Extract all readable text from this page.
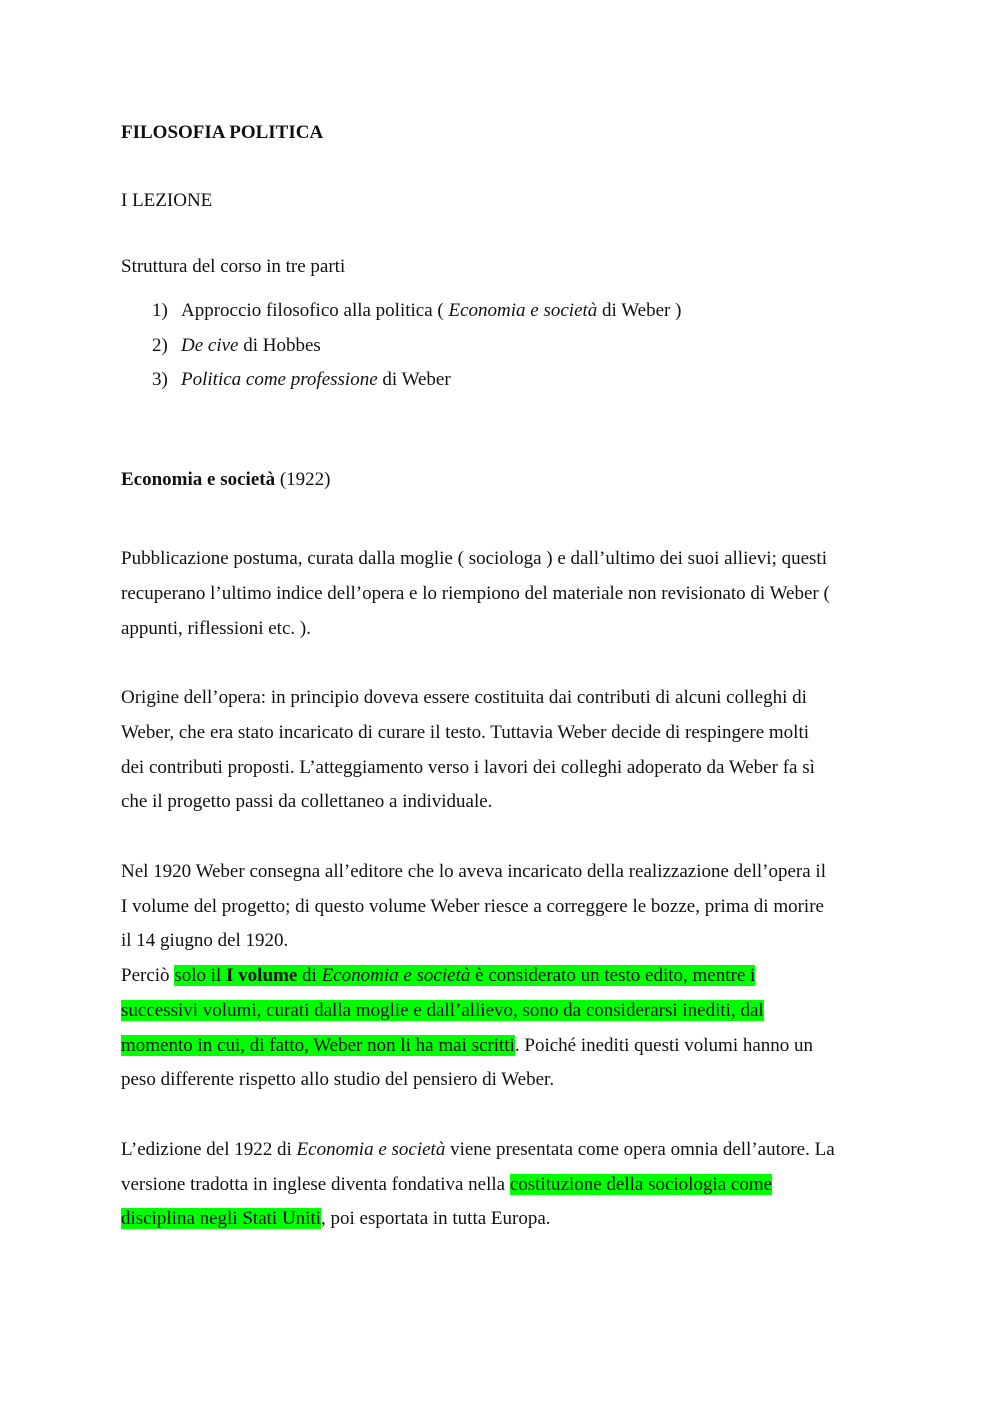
FILOSOFIA POLITICA
I LEZIONE
Struttura del corso in tre parti
1) Approccio filosofico alla politica ( Economia e società di Weber )
2) De cive di Hobbes
3) Politica come professione di Weber
Economia e società (1922)
Pubblicazione postuma, curata dalla moglie ( sociologa ) e dall’ultimo dei suoi allievi; questi
recuperano l’ultimo indice dell’opera e lo riempiono del materiale non revisionato di Weber (
appunti, riflessioni etc. ).
Origine dell’opera: in principio doveva essere costituita dai contributi di alcuni colleghi di
Weber, che era stato incaricato di curare il testo. Tuttavia Weber decide di respingere molti
dei contributi proposti. L’atteggiamento verso i lavori dei colleghi adoperato da Weber fa sì
che il progetto passi da collettaneo a individuale.
Nel 1920 Weber consegna all’editore che lo aveva incaricato della realizzazione dell’opera il
I volume del progetto; di questo volume Weber riesce a correggere le bozze, prima di morire
il 14 giugno del 1920.
Perciò solo il I volume di Economia e società è considerato un testo edito, mentre i
successivi volumi, curati dalla moglie e dall’allievo, sono da considerarsi inediti, dal
momento in cui, di fatto, Weber non li ha mai scritti. Poiché inediti questi volumi hanno un
peso differente rispetto allo studio del pensiero di Weber.
L’edizione del 1922 di Economia e società viene presentata come opera omnia dell’autore. La
versione tradotta in inglese diventa fondativa nella costituzione della sociologia come
disciplina negli Stati Uniti, poi esportata in tutta Europa.
